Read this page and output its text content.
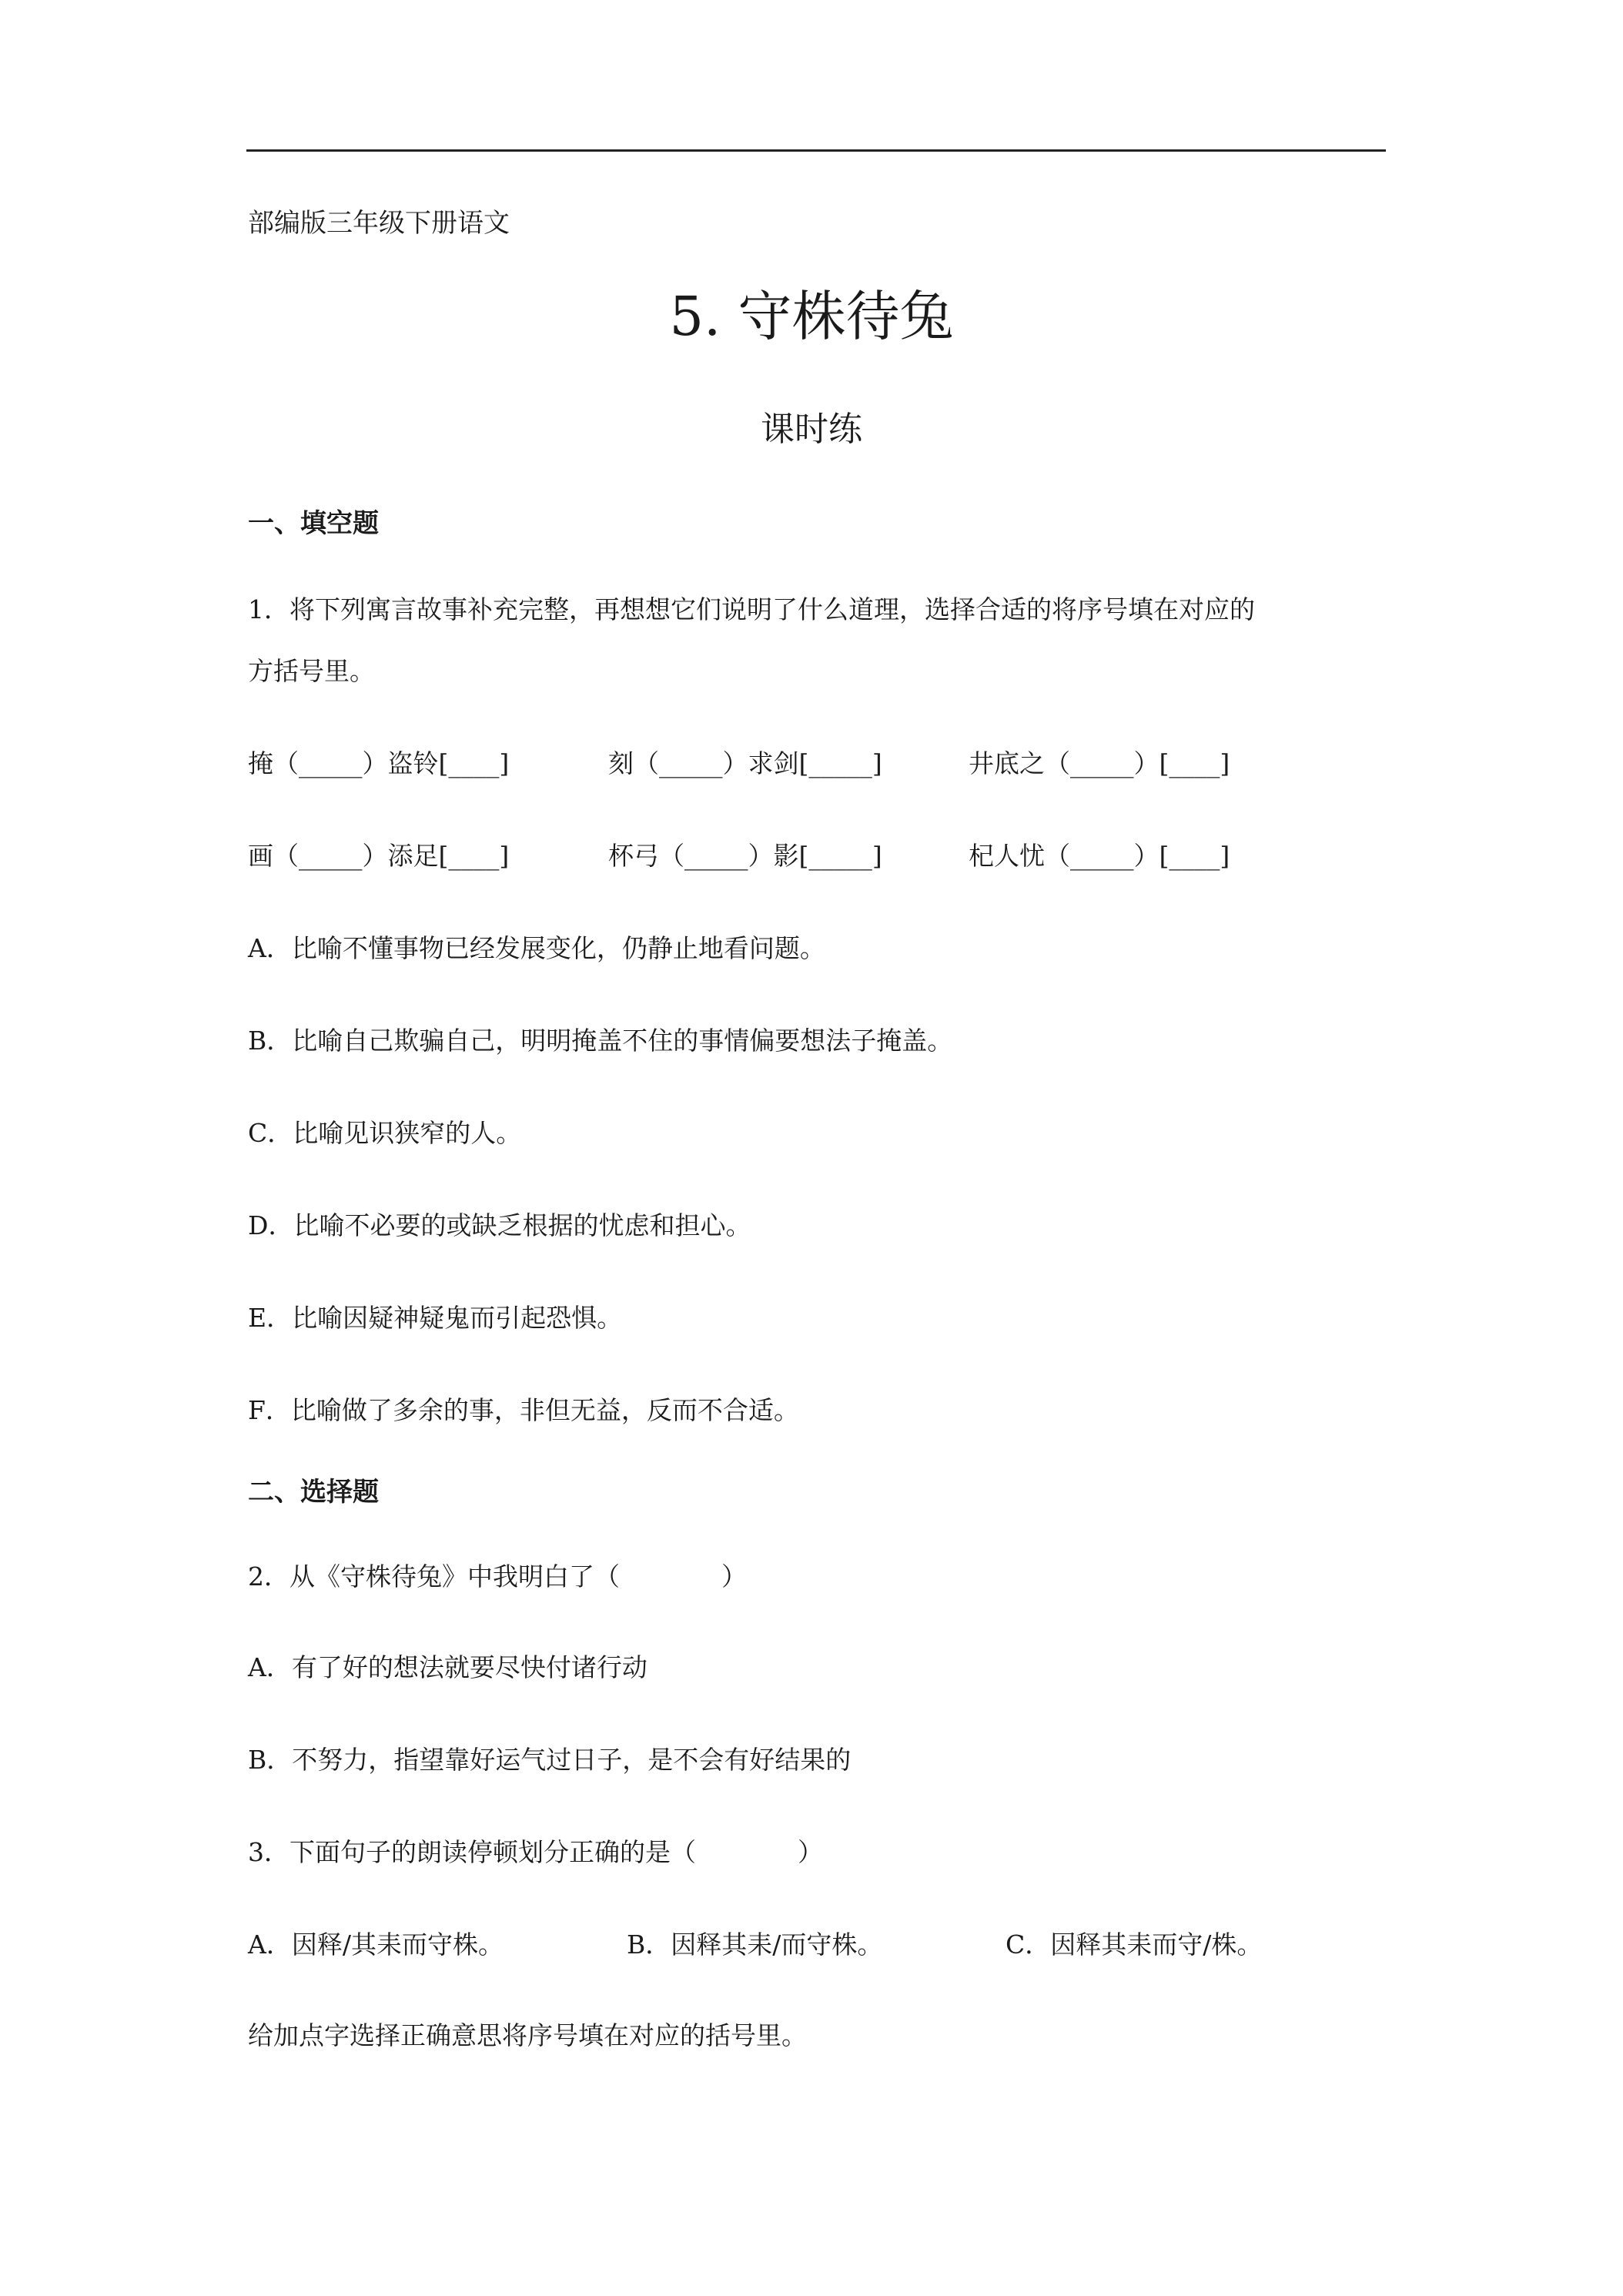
部编版三年级下册语文
5. 守株待兔
课时练
一、填空题
1．将下列寓言故事补充完整，再想想它们说明了什么道理，选择合适的将序号填在对应的
方括号里。
掩（_____）盗铃[____]	刻（_____）求剑[_____]	井底之（_____）[____]
画（_____）添足[____]	杯弓（_____）影[_____]	杞人忧（_____）[____]
A．比喻不懂事物已经发展变化，仍静止地看问题。
B．比喻自己欺骗自己，明明掩盖不住的事情偏要想法子掩盖。
C．比喻见识狭窄的人。
D．比喻不必要的或缺乏根据的忧虑和担心。
E．比喻因疑神疑鬼而引起恐惧。
F．比喻做了多余的事，非但无益，反而不合适。
二、选择题
2．从《守株待兔》中我明白了（　　　　）
A．有了好的想法就要尽快付诸行动
B．不努力，指望靠好运气过日子，是不会有好结果的
3．下面句子的朗读停顿划分正确的是（　　　　）
A．因释/其耒而守株。	B．因释其耒/而守株。	C．因释其耒而守/株。
给加点字选择正确意思将序号填在对应的括号里。
